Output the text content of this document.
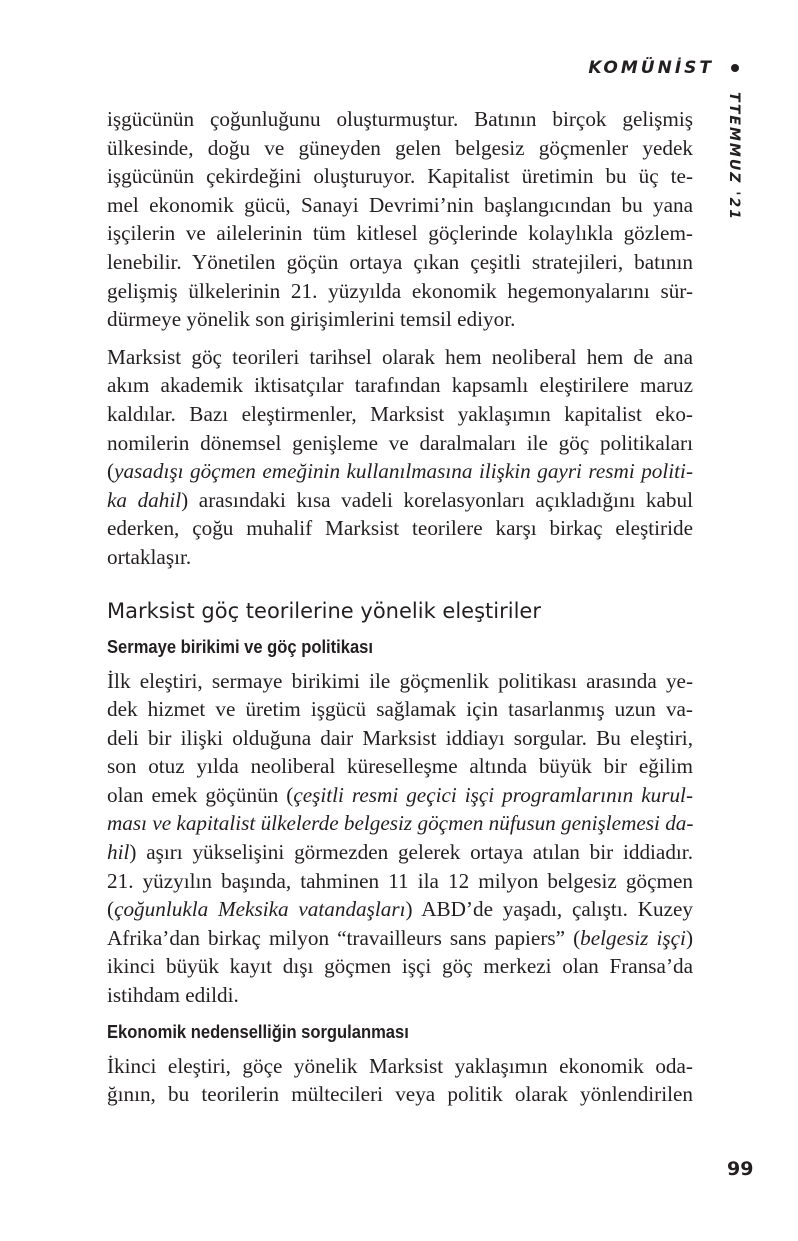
KOMÜNİST
TTEMMUZ '21
işgücünün çoğunluğunu oluşturmuştur. Batının birçok gelişmiş
ülkesinde, doğu ve güneyden gelen belgesiz göçmenler yedek
işgücünün çekirdeğini oluşturuyor. Kapitalist üretimin bu üç te-
mel ekonomik gücü, Sanayi Devrimi’nin başlangıcından bu yana
işçilerin ve ailelerinin tüm kitlesel göçlerinde kolaylıkla gözlem-
lenebilir. Yönetilen göçün ortaya çıkan çeşitli stratejileri, batının
gelişmiş ülkelerinin 21. yüzyılda ekonomik hegemonyalarını sür-
dürmeye yönelik son girişimlerini temsil ediyor.
Marksist göç teorileri tarihsel olarak hem neoliberal hem de ana
akım akademik iktisatçılar tarafından kapsamlı eleştirilere maruz
kaldılar. Bazı eleştirmenler, Marksist yaklaşımın kapitalist eko-
nomilerin dönemsel genişleme ve daralmaları ile göç politikaları
(yasadışı göçmen emeğinin kullanılmasına ilişkin gayri resmi politi-
ka dahil) arasındaki kısa vadeli korelasyonları açıkladığını kabul
ederken, çoğu muhalif Marksist teorilere karşı birkaç eleştiride
ortaklaşır.
Marksist göç teorilerine yönelik eleştiriler
Sermaye birikimi ve göç politikası
İlk eleştiri, sermaye birikimi ile göçmenlik politikası arasında ye-
dek hizmet ve üretim işgücü sağlamak için tasarlanmış uzun va-
deli bir ilişki olduğuna dair Marksist iddiayı sorgular. Bu eleştiri,
son otuz yılda neoliberal küreselleşme altında büyük bir eğilim
olan emek göçünün (çeşitli resmi geçici işçi programlarının kurul-
ması ve kapitalist ülkelerde belgesiz göçmen nüfusun genişlemesi da-
hil) aşırı yükselişini görmezden gelerek ortaya atılan bir iddiadır.
21. yüzyılın başında, tahminen 11 ila 12 milyon belgesiz göçmen
(çoğunlukla Meksika vatandaşları) ABD’de yaşadı, çalıştı. Kuzey
Afrika’dan birkaç milyon “travailleurs sans papiers” (belgesiz işçi)
ikinci büyük kayıt dışı göçmen işçi göç merkezi olan Fransa’da
istihdam edildi.
Ekonomik nedenselliğin sorgulanması
İkinci eleştiri, göçe yönelik Marksist yaklaşımın ekonomik oda-
ğının, bu teorilerin mültecileri veya politik olarak yönlendirilen
99
